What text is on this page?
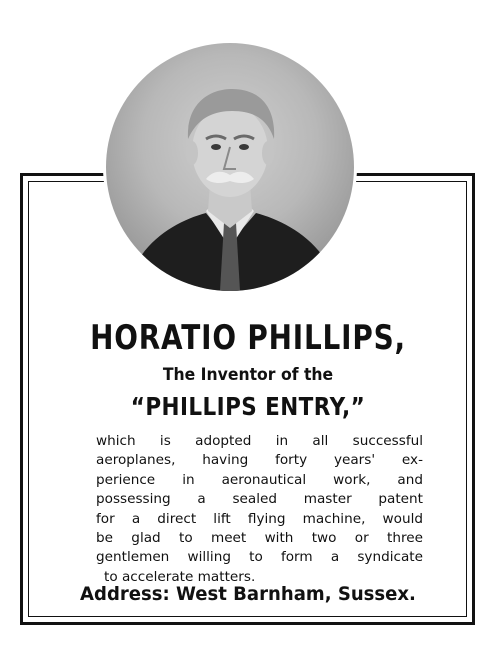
HORATIO PHILLIPS,
The Inventor of the
“PHILLIPS ENTRY,”
which is adopted in all successful
aeroplanes, having forty years' ex-
perience in aeronautical work, and
possessing a sealed master patent
for a direct lift flying machine, would
be glad to meet with two or three
gentlemen willing to form a syndicate
to accelerate matters.
Address: West Barnham, Sussex.
